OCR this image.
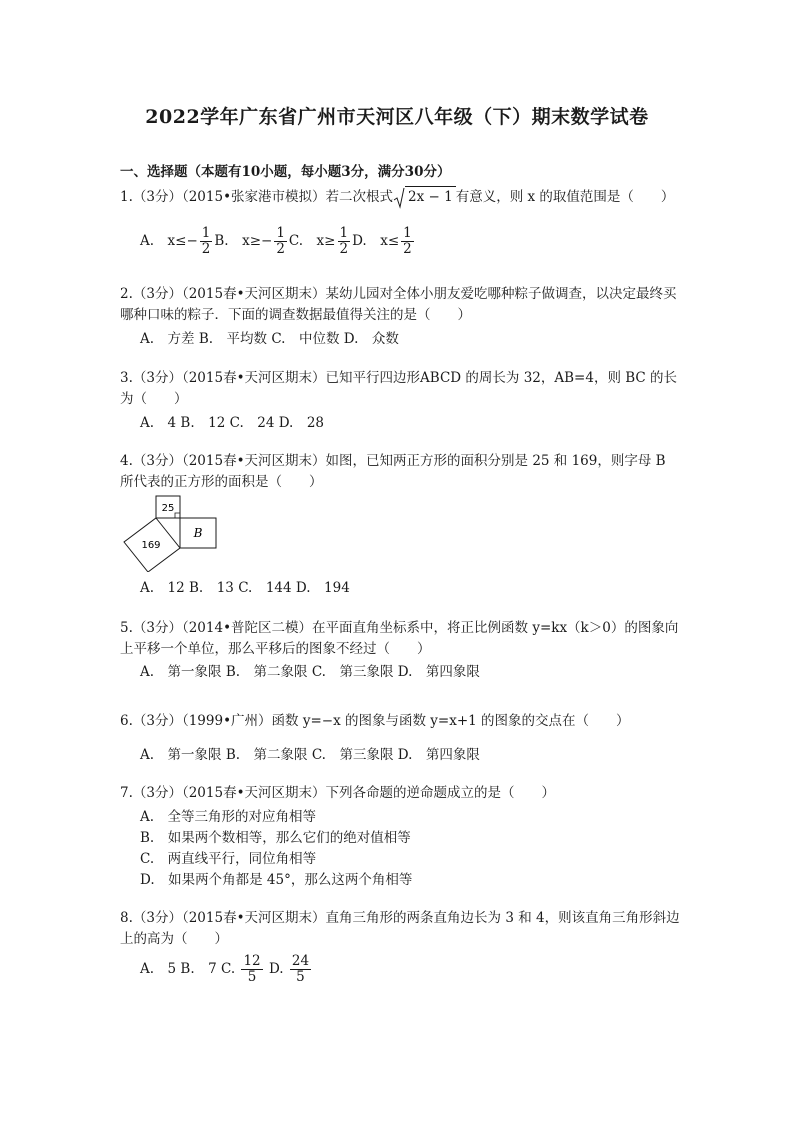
2022学年广东省广州市天河区八年级（下）期末数学试卷
一、选择题（本题有10小题，每小题3分，满分30分）
1.（3分）（2015•张家港市模拟）若二次根式 2x − 1 有意义，则 x 的取值范围是（　　）
A.　$x\le- \frac{1}{2} B$.　$x\ge- \frac{1}{2} C$.　$x\ge \frac{1}{2} D$.　$x\le \frac{1}{2}$
2.（3分）（2015春•天河区期末）某幼儿园对全体小朋友爱吃哪种粽子做调查，以决定最终买哪种口味的粽子．下面的调查数据最值得关注的是（　　）
A.　方差 B.　平均数 C.　中位数 D.　众数
3.（3分）（2015春•天河区期末）已知平行四边形ABCD 的周长为 32，AB=4，则 BC 的长为（　　）
A.　4 B.　12 C.　24 D.　28
4.（3分）（2015春•天河区期末）如图，已知两正方形的面积分别是 25 和 169，则字母 B 所代表的正方形的面积是（　　）
25
169
B
A.　12 B.　13 C.　144 D.　194
5.（3分）（2014•普陀区二模）在平面直角坐标系中，将正比例函数 y=kx（k＞0）的图象向上平移一个单位，那么平移后的图象不经过（　　）
A.　第一象限 B.　第二象限 C.　第三象限 D.　第四象限
6.（3分）（1999•广州）函数 y=−x 的图象与函数 y=x+1 的图象的交点在（　　）
A.　第一象限 B.　第二象限 C.　第三象限 D.　第四象限
7.（3分）（2015春•天河区期末）下列各命题的逆命题成立的是（　　）
A.　全等三角形的对应角相等
B.　如果两个数相等，那么它们的绝对值相等
C.　两直线平行，同位角相等
D.　如果两个角都是 45°，那么这两个角相等
8.（3分）（2015春•天河区期末）直角三角形的两条直角边长为 3 和 4，则该直角三角形斜边上的高为（　　）
A.　5 B.　7 C. $\frac{12}{5} D$. $\frac{24}{5}$
